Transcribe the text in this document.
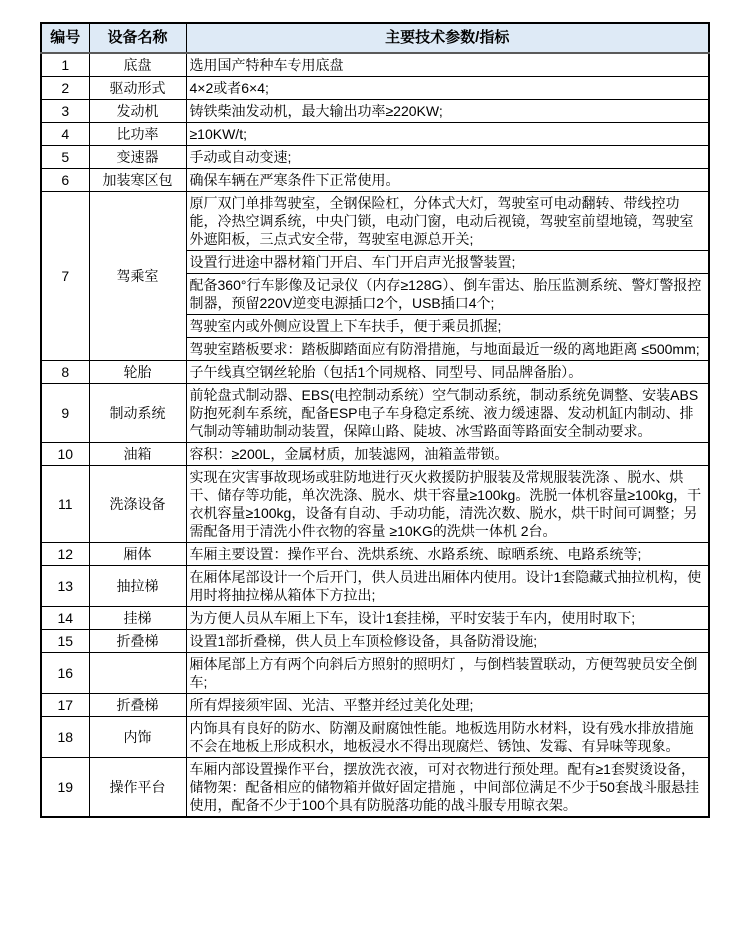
编号	设备名称	主要技术参数/指标
1	底盘	选用国产特种车专用底盘
2	驱动形式	4×2或者6×4;
3	发动机	铸铁柴油发动机，最大输出功率≥220KW;
4	比功率	≥10KW/t;
5	变速器	手动或自动变速;
6	加装寒区包	确保车辆在严寒条件下正常使用。
7	驾乘室	原厂双门单排驾驶室，全钢保险杠，分体式大灯，驾驶室可电动翻转、带线控功能，冷热空调系统，中央门锁，电动门窗，电动后视镜，驾驶室前望地镜，驾驶室外遮阳板，三点式安全带，驾驶室电源总开关;
		设置行进途中器材箱门开启、车门开启声光报警装置;
		配备360°行车影像及记录仪（内存≥128G）、倒车雷达、胎压监测系统、警灯警报控制器，预留220V逆变电源插口2个，USB插口4个;
		驾驶室内或外侧应设置上下车扶手，便于乘员抓握;
		驾驶室踏板要求：踏板脚踏面应有防滑措施，与地面最近一级的离地距离 ≤500mm;
8	轮胎	子午线真空钢丝轮胎（包括1个同规格、同型号、同品牌备胎）。
9	制动系统	前轮盘式制动器、EBS(电控制动系统）空气制动系统，制动系统免调整、安装ABS防抱死刹车系统，配备ESP电子车身稳定系统、液力缓速器、发动机缸内制动、排气制动等辅助制动装置，保障山路、陡坡、冰雪路面等路面安全制动要求。
10	油箱	容积：≥200L，金属材质，加装滤网，油箱盖带锁。
11	洗涤设备	实现在灾害事故现场或驻防地进行灭火救援防护服装及常规服装洗涤 、脱水、烘干、储存等功能，单次洗涤、脱水、烘干容量≥100kg。洗脱一体机容量≥100kg，干衣机容量≥100kg，设备有自动、手动功能，清洗次数、脱水，烘干时间可调整；另需配备用于清洗小件衣物的容量 ≥10KG的洗烘一体机 2台。
12	厢体	车厢主要设置：操作平台、洗烘系统、水路系统、晾晒系统、电路系统等;
13	抽拉梯	在厢体尾部设计一个后开门，供人员进出厢体内使用。设计1套隐藏式抽拉机构，使用时将抽拉梯从箱体下方拉出;
14	挂梯	为方便人员从车厢上下车，设计1套挂梯，平时安装于车内，使用时取下;
15	折叠梯	设置1部折叠梯，供人员上车顶检修设备，具备防滑设施;
16		厢体尾部上方有两个向斜后方照射的照明灯 ，与倒档装置联动，方便驾驶员安全倒车;
17	折叠梯	所有焊接须牢固、光洁、平整并经过美化处理;
18	内饰	内饰具有良好的防水、防潮及耐腐蚀性能。地板选用防水材料，设有残水排放措施不会在地板上形成积水，地板浸水不得出现腐烂、锈蚀、发霉、有异味等现象。
19	操作平台	车厢内部设置操作平台，摆放洗衣液，可对衣物进行预处理。配有≥1套熨烫设备，储物架：配备相应的储物箱并做好固定措施 ，中间部位满足不少于50套战斗服悬挂使用，配备不少于100个具有防脱落功能的战斗服专用晾衣架。
